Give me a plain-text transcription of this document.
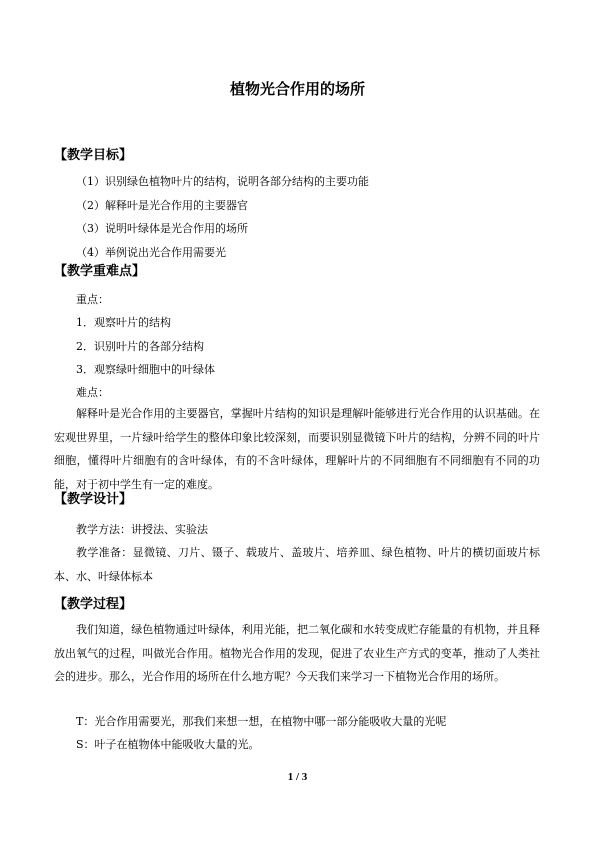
植物光合作用的场所
【教学目标】
（1）识别绿色植物叶片的结构，说明各部分结构的主要功能
（2）解释叶是光合作用的主要器官
（3）说明叶绿体是光合作用的场所
（4）举例说出光合作用需要光
【教学重难点】
重点：
1．观察叶片的结构
2．识别叶片的各部分结构
3．观察绿叶细胞中的叶绿体
难点：

解释叶是光合作用的主要器官，掌握叶片结构的知识是理解叶能够进行光合作用的认识基础。在宏观世界里，一片绿叶给学生的整体印象比较深刻，而要识别显微镜下叶片的结构，分辨不同的叶片细胞，懂得叶片细胞有的含叶绿体，有的不含叶绿体，理解叶片的不同细胞有不同细胞有不同的功能，对于初中学生有一定的难度。

【教学设计】
教学方法：讲授法、实验法

教学准备：显微镜、刀片、镊子、载玻片、盖玻片、培养皿、绿色植物、叶片的横切面玻片标本、水、叶绿体标本

【教学过程】

我们知道，绿色植物通过叶绿体，利用光能，把二氧化碳和水转变成贮存能量的有机物，并且释放出氧气的过程，叫做光合作用。植物光合作用的发现，促进了农业生产方式的变革，推动了人类社会的进步。那么，光合作用的场所在什么地方呢？今天我们来学习一下植物光合作用的场所。

T：光合作用需要光，那我们来想一想，在植物中哪一部分能吸收大量的光呢
S：叶子在植物体中能吸收大量的光。
1 / 3
